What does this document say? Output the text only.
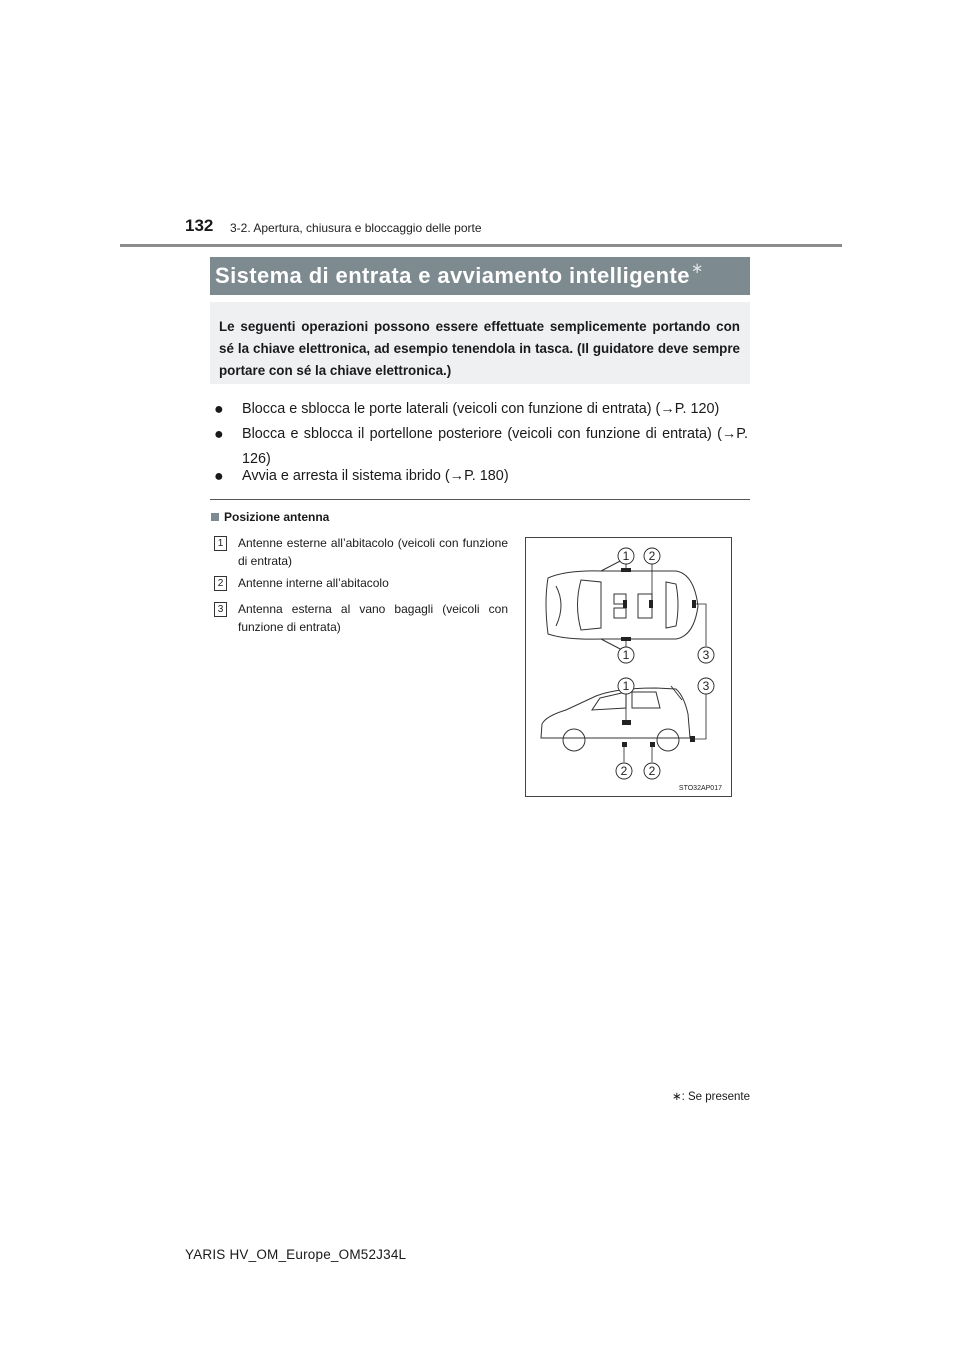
132 3-2. Apertura, chiusura e bloccaggio delle porte
Sistema di entrata e avviamento intelligente ∗
Le seguenti operazioni possono essere effettuate semplicemente portando con sé la chiave elettronica, ad esempio tenendola in tasca. (Il guidatore deve sempre portare con sé la chiave elettronica.)
● Blocca e sblocca le porte laterali (veicoli con funzione di entrata) (→P. 120)
● Blocca e sblocca il portellone posteriore (veicoli con funzione di entrata) (→P. 126)
● Avvia e arresta il sistema ibrido (→P. 180)
Posizione antenna
1	Antenne esterne all’abitacolo (veicoli con funzione di entrata)
2	Antenne interne all’abitacolo
3	Antenna esterna al vano bagagli (veicoli con funzione di entrata)
1 2
1	3
1	3
2 2
STO32AP017
∗: Se presente
YARIS HV_OM_Europe_OM52J34L
